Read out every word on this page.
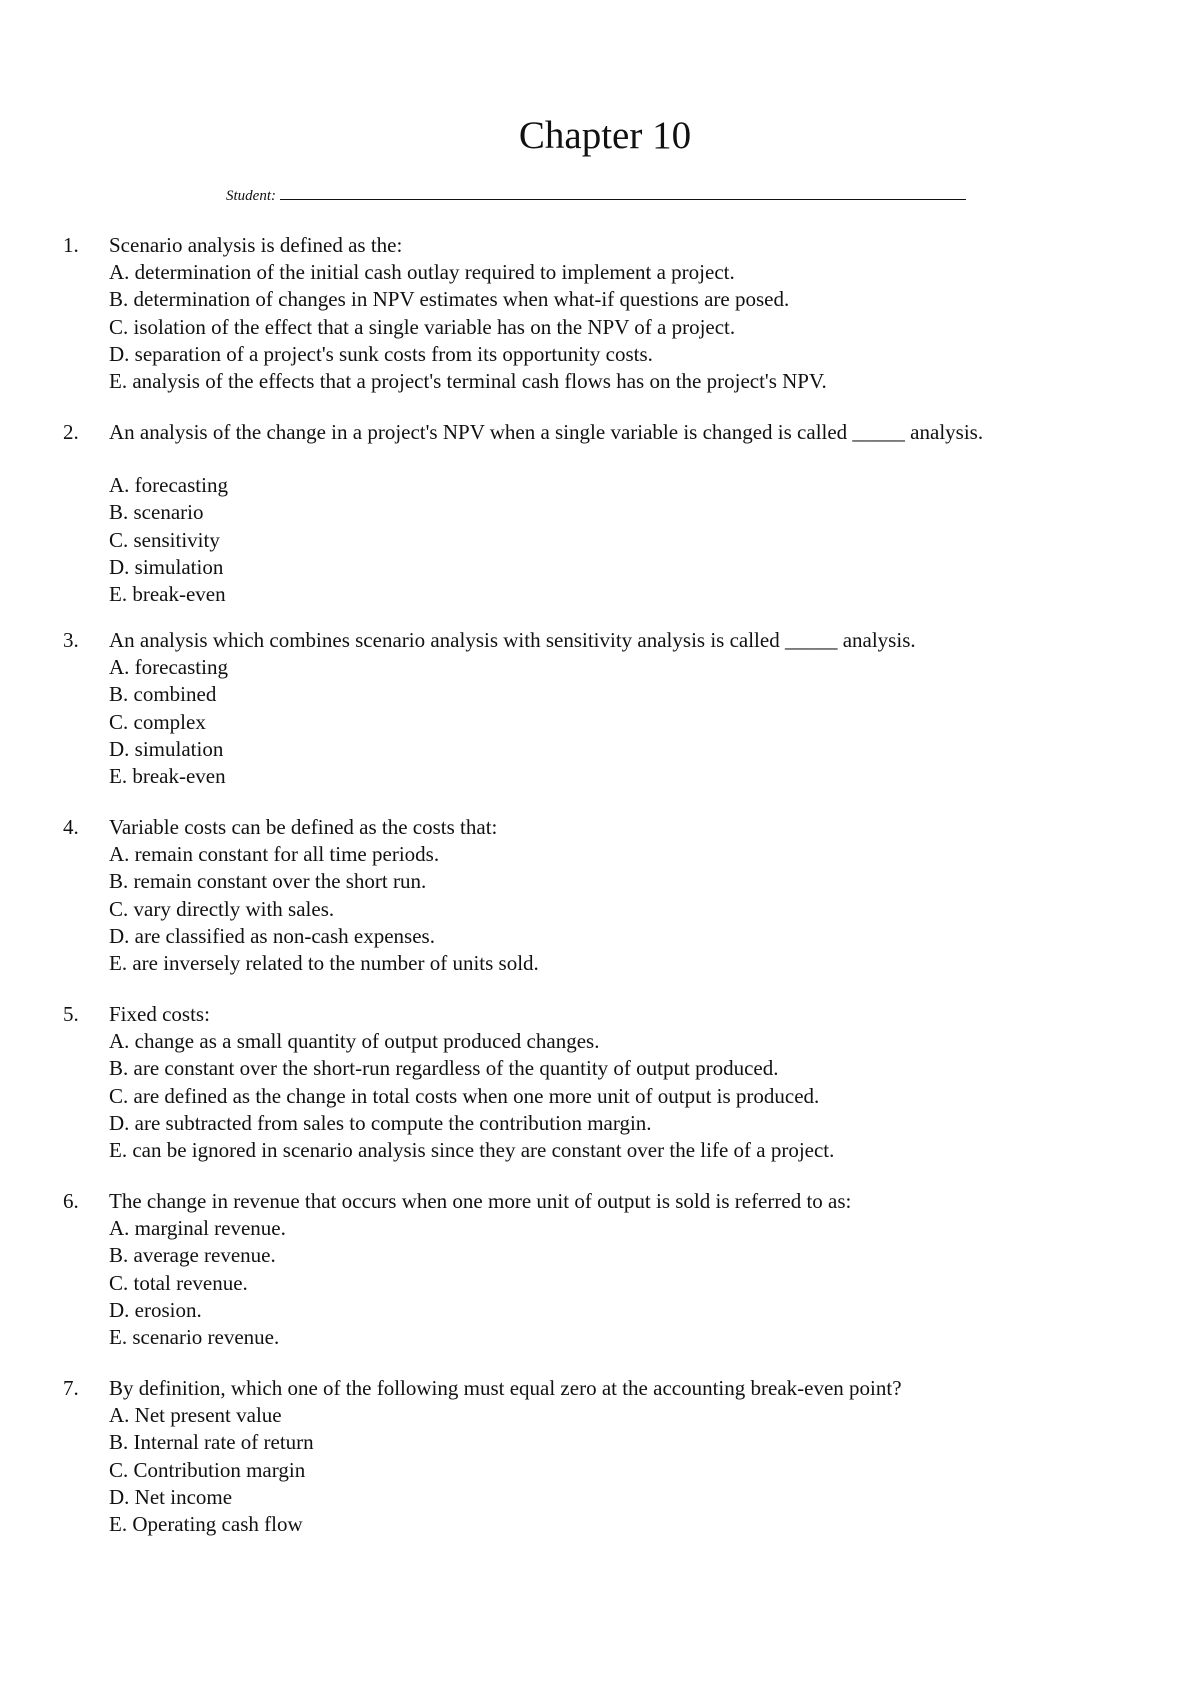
Chapter 10
Student:
1.	Scenario analysis is defined as the:
A. determination of the initial cash outlay required to implement a project.
B. determination of changes in NPV estimates when what-if questions are posed.
C. isolation of the effect that a single variable has on the NPV of a project.
D. separation of a project's sunk costs from its opportunity costs.
E. analysis of the effects that a project's terminal cash flows has on the project's NPV.
2.	An analysis of the change in a project's NPV when a single variable is changed is called _____ analysis.
A. forecasting
B. scenario
C. sensitivity
D. simulation
E. break-even
3.	An analysis which combines scenario analysis with sensitivity analysis is called _____ analysis.
A. forecasting
B. combined
C. complex
D. simulation
E. break-even
4.	Variable costs can be defined as the costs that:
A. remain constant for all time periods.
B. remain constant over the short run.
C. vary directly with sales.
D. are classified as non-cash expenses.
E. are inversely related to the number of units sold.
5.	Fixed costs:
A. change as a small quantity of output produced changes.
B. are constant over the short-run regardless of the quantity of output produced.
C. are defined as the change in total costs when one more unit of output is produced.
D. are subtracted from sales to compute the contribution margin.
E. can be ignored in scenario analysis since they are constant over the life of a project.
6.	The change in revenue that occurs when one more unit of output is sold is referred to as:
A. marginal revenue.
B. average revenue.
C. total revenue.
D. erosion.
E. scenario revenue.
7.	By definition, which one of the following must equal zero at the accounting break-even point?
A. Net present value
B. Internal rate of return
C. Contribution margin
D. Net income
E. Operating cash flow
